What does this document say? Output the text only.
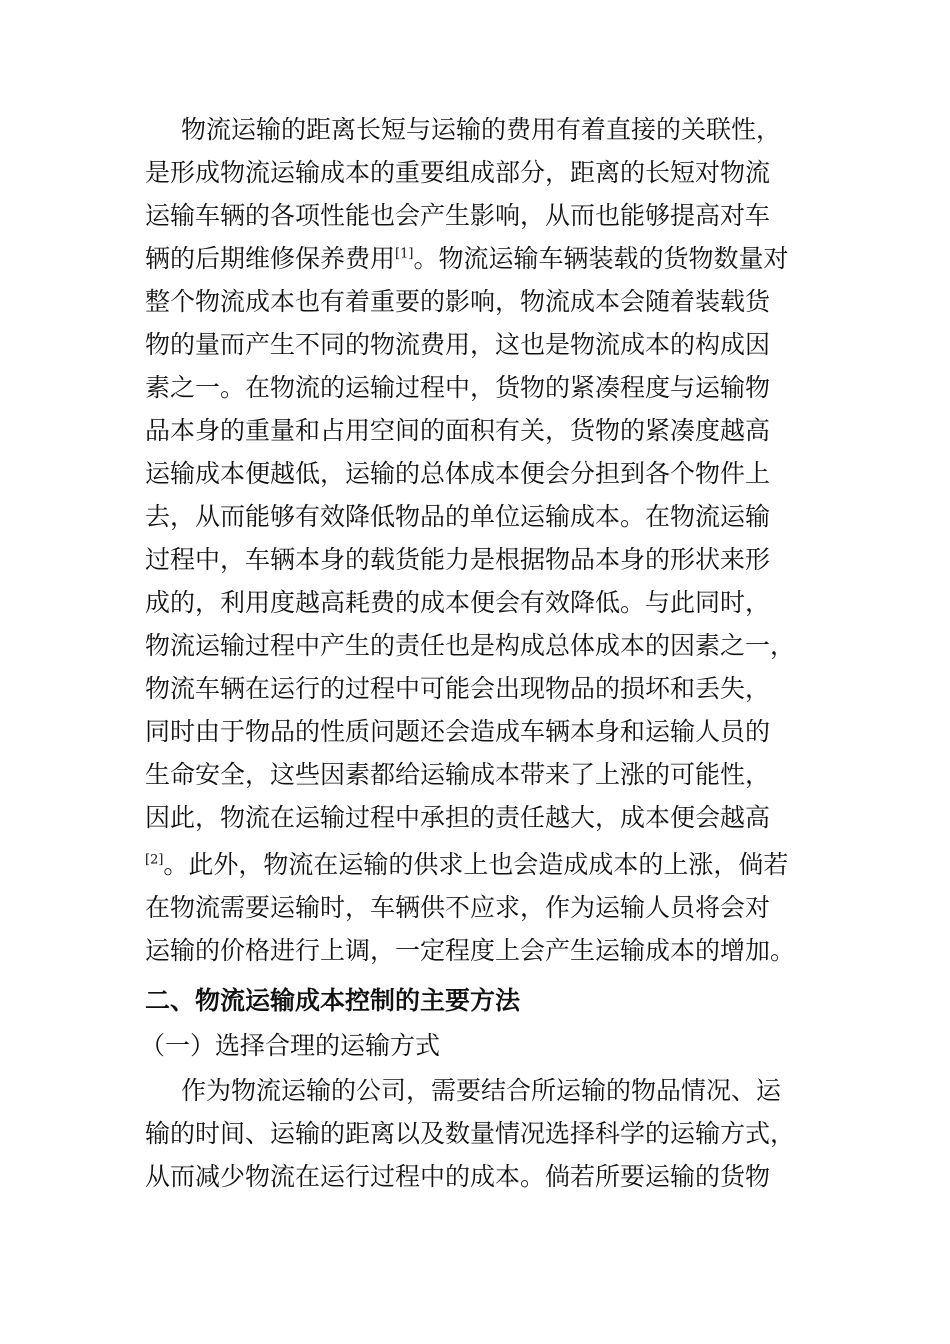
物流运输的距离长短与运输的费用有着直接的关联性，
是形成物流运输成本的重要组成部分，距离的长短对物流
运输车辆的各项性能也会产生影响，从而也能够提高对车
辆的后期维修保养费用[1]。物流运输车辆装载的货物数量对
整个物流成本也有着重要的影响，物流成本会随着装载货
物的量而产生不同的物流费用，这也是物流成本的构成因
素之一。在物流的运输过程中，货物的紧凑程度与运输物
品本身的重量和占用空间的面积有关，货物的紧凑度越高
运输成本便越低，运输的总体成本便会分担到各个物件上
去，从而能够有效降低物品的单位运输成本。在物流运输
过程中，车辆本身的载货能力是根据物品本身的形状来形
成的，利用度越高耗费的成本便会有效降低。与此同时，
物流运输过程中产生的责任也是构成总体成本的因素之一，
物流车辆在运行的过程中可能会出现物品的损坏和丢失，
同时由于物品的性质问题还会造成车辆本身和运输人员的
生命安全，这些因素都给运输成本带来了上涨的可能性，
因此，物流在运输过程中承担的责任越大，成本便会越高
[2]。此外，物流在运输的供求上也会造成成本的上涨，倘若
在物流需要运输时，车辆供不应求，作为运输人员将会对
运输的价格进行上调，一定程度上会产生运输成本的增加。
二、物流运输成本控制的主要方法
（一）选择合理的运输方式
作为物流运输的公司，需要结合所运输的物品情况、运
输的时间、运输的距离以及数量情况选择科学的运输方式，
从而减少物流在运行过程中的成本。倘若所要运输的货物
